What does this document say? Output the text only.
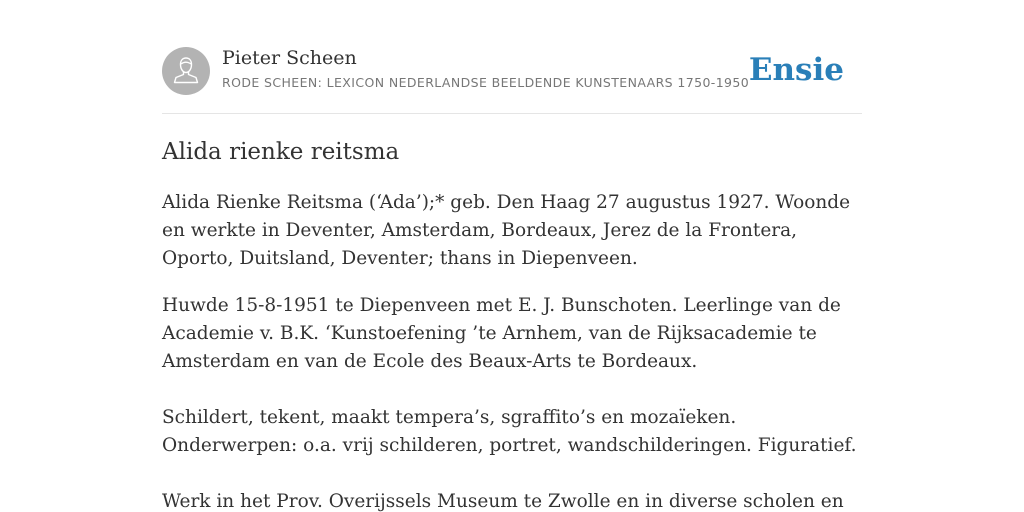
Pieter Scheen
RODE SCHEEN: LEXICON NEDERLANDSE BEELDENDE KUNSTENAARS 1750-1950 Ensie
Alida rienke reitsma

Alida Rienke Reitsma (‘Ada’);* geb. Den Haag 27 augustus 1927. Woonde en werkte in Deventer, Amsterdam, Bordeaux, Jerez de la Frontera, Oporto, Duitsland, Deventer; thans in Diepenveen.

Huwde 15-8-1951 te Diepenveen met E. J. Bunschoten. Leerlinge van de Academie v. B.K. ‘Kunstoefening ’te Arnhem, van de Rijksacademie te Amsterdam en van de Ecole des Beaux-Arts te Bordeaux.

Schildert, tekent, maakt tempera’s, sgraffito’s en mozaïeken. Onderwerpen: o.a. vrij schilderen, portret, wandschilderingen. Figuratief.

Werk in het Prov. Overijssels Museum te Zwolle en in diverse scholen en
